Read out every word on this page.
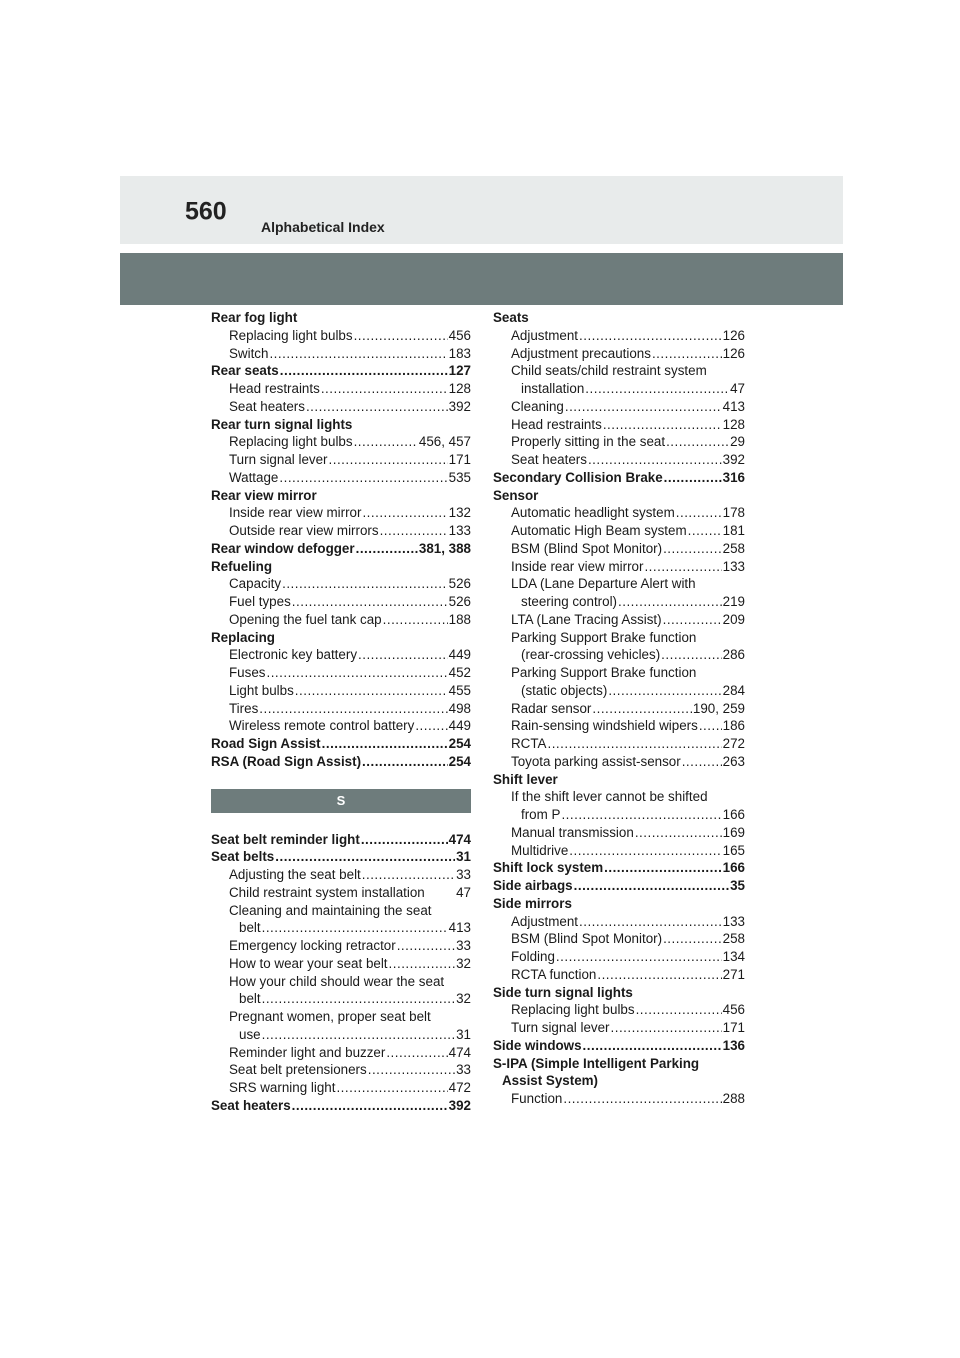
560
Alphabetical Index
Rear fog light
Replacing light bulbs .....	456
Switch .....	183
Rear seats .....	127
Head restraints .....	128
Seat heaters .....	392
Rear turn signal lights
Replacing light bulbs .....	456, 457
Turn signal lever .....	171
Wattage .....	535
Rear view mirror
Inside rear view mirror .....	132
Outside rear view mirrors .....	133
Rear window defogger .....	381, 388
Refueling
Capacity .....	526
Fuel types .....	526
Opening the fuel tank cap .....	188
Replacing
Electronic key battery .....	449
Fuses .....	452
Light bulbs .....	455
Tires .....	498
Wireless remote control battery .....	449
Road Sign Assist .....	254
RSA (Road Sign Assist) .....	254
S
Seat belt reminder light .....	474
Seat belts .....	31
Adjusting the seat belt .....	33
Child restraint system installation 47
Cleaning and maintaining the seat
belt .....	413
Emergency locking retractor .....	33
How to wear your seat belt .....	32
How your child should wear the seat
belt .....	32
Pregnant women, proper seat belt
use .....	31
Reminder light and buzzer .....	474
Seat belt pretensioners .....	33
SRS warning light .....	472
Seat heaters .....	392
Seats
Adjustment .....	126
Adjustment precautions .....	126
Child seats/child restraint system
installation .....	47
Cleaning .....	413
Head restraints .....	128
Properly sitting in the seat .....	29
Seat heaters .....	392
Secondary Collision Brake .....	316
Sensor
Automatic headlight system .....	178
Automatic High Beam system .....	181
BSM (Blind Spot Monitor) .....	258
Inside rear view mirror .....	133
LDA (Lane Departure Alert with
steering control) .....	219
LTA (Lane Tracing Assist) .....	209
Parking Support Brake function
(rear-crossing vehicles) .....	286
Parking Support Brake function
(static objects) .....	284
Radar sensor .....	190, 259
Rain-sensing windshield wipers ..... 186
RCTA .....	272
Toyota parking assist-sensor .....	263
Shift lever
If the shift lever cannot be shifted
from P .....	166
Manual transmission .....	169
Multidrive .....	165
Shift lock system .....	166
Side airbags .....	35
Side mirrors
Adjustment .....	133
BSM (Blind Spot Monitor) .....	258
Folding .....	134
RCTA function .....	271
Side turn signal lights
Replacing light bulbs .....	456
Turn signal lever .....	171
Side windows .....	136
S-IPA (Simple Intelligent Parking
Assist System)
Function .....	288
